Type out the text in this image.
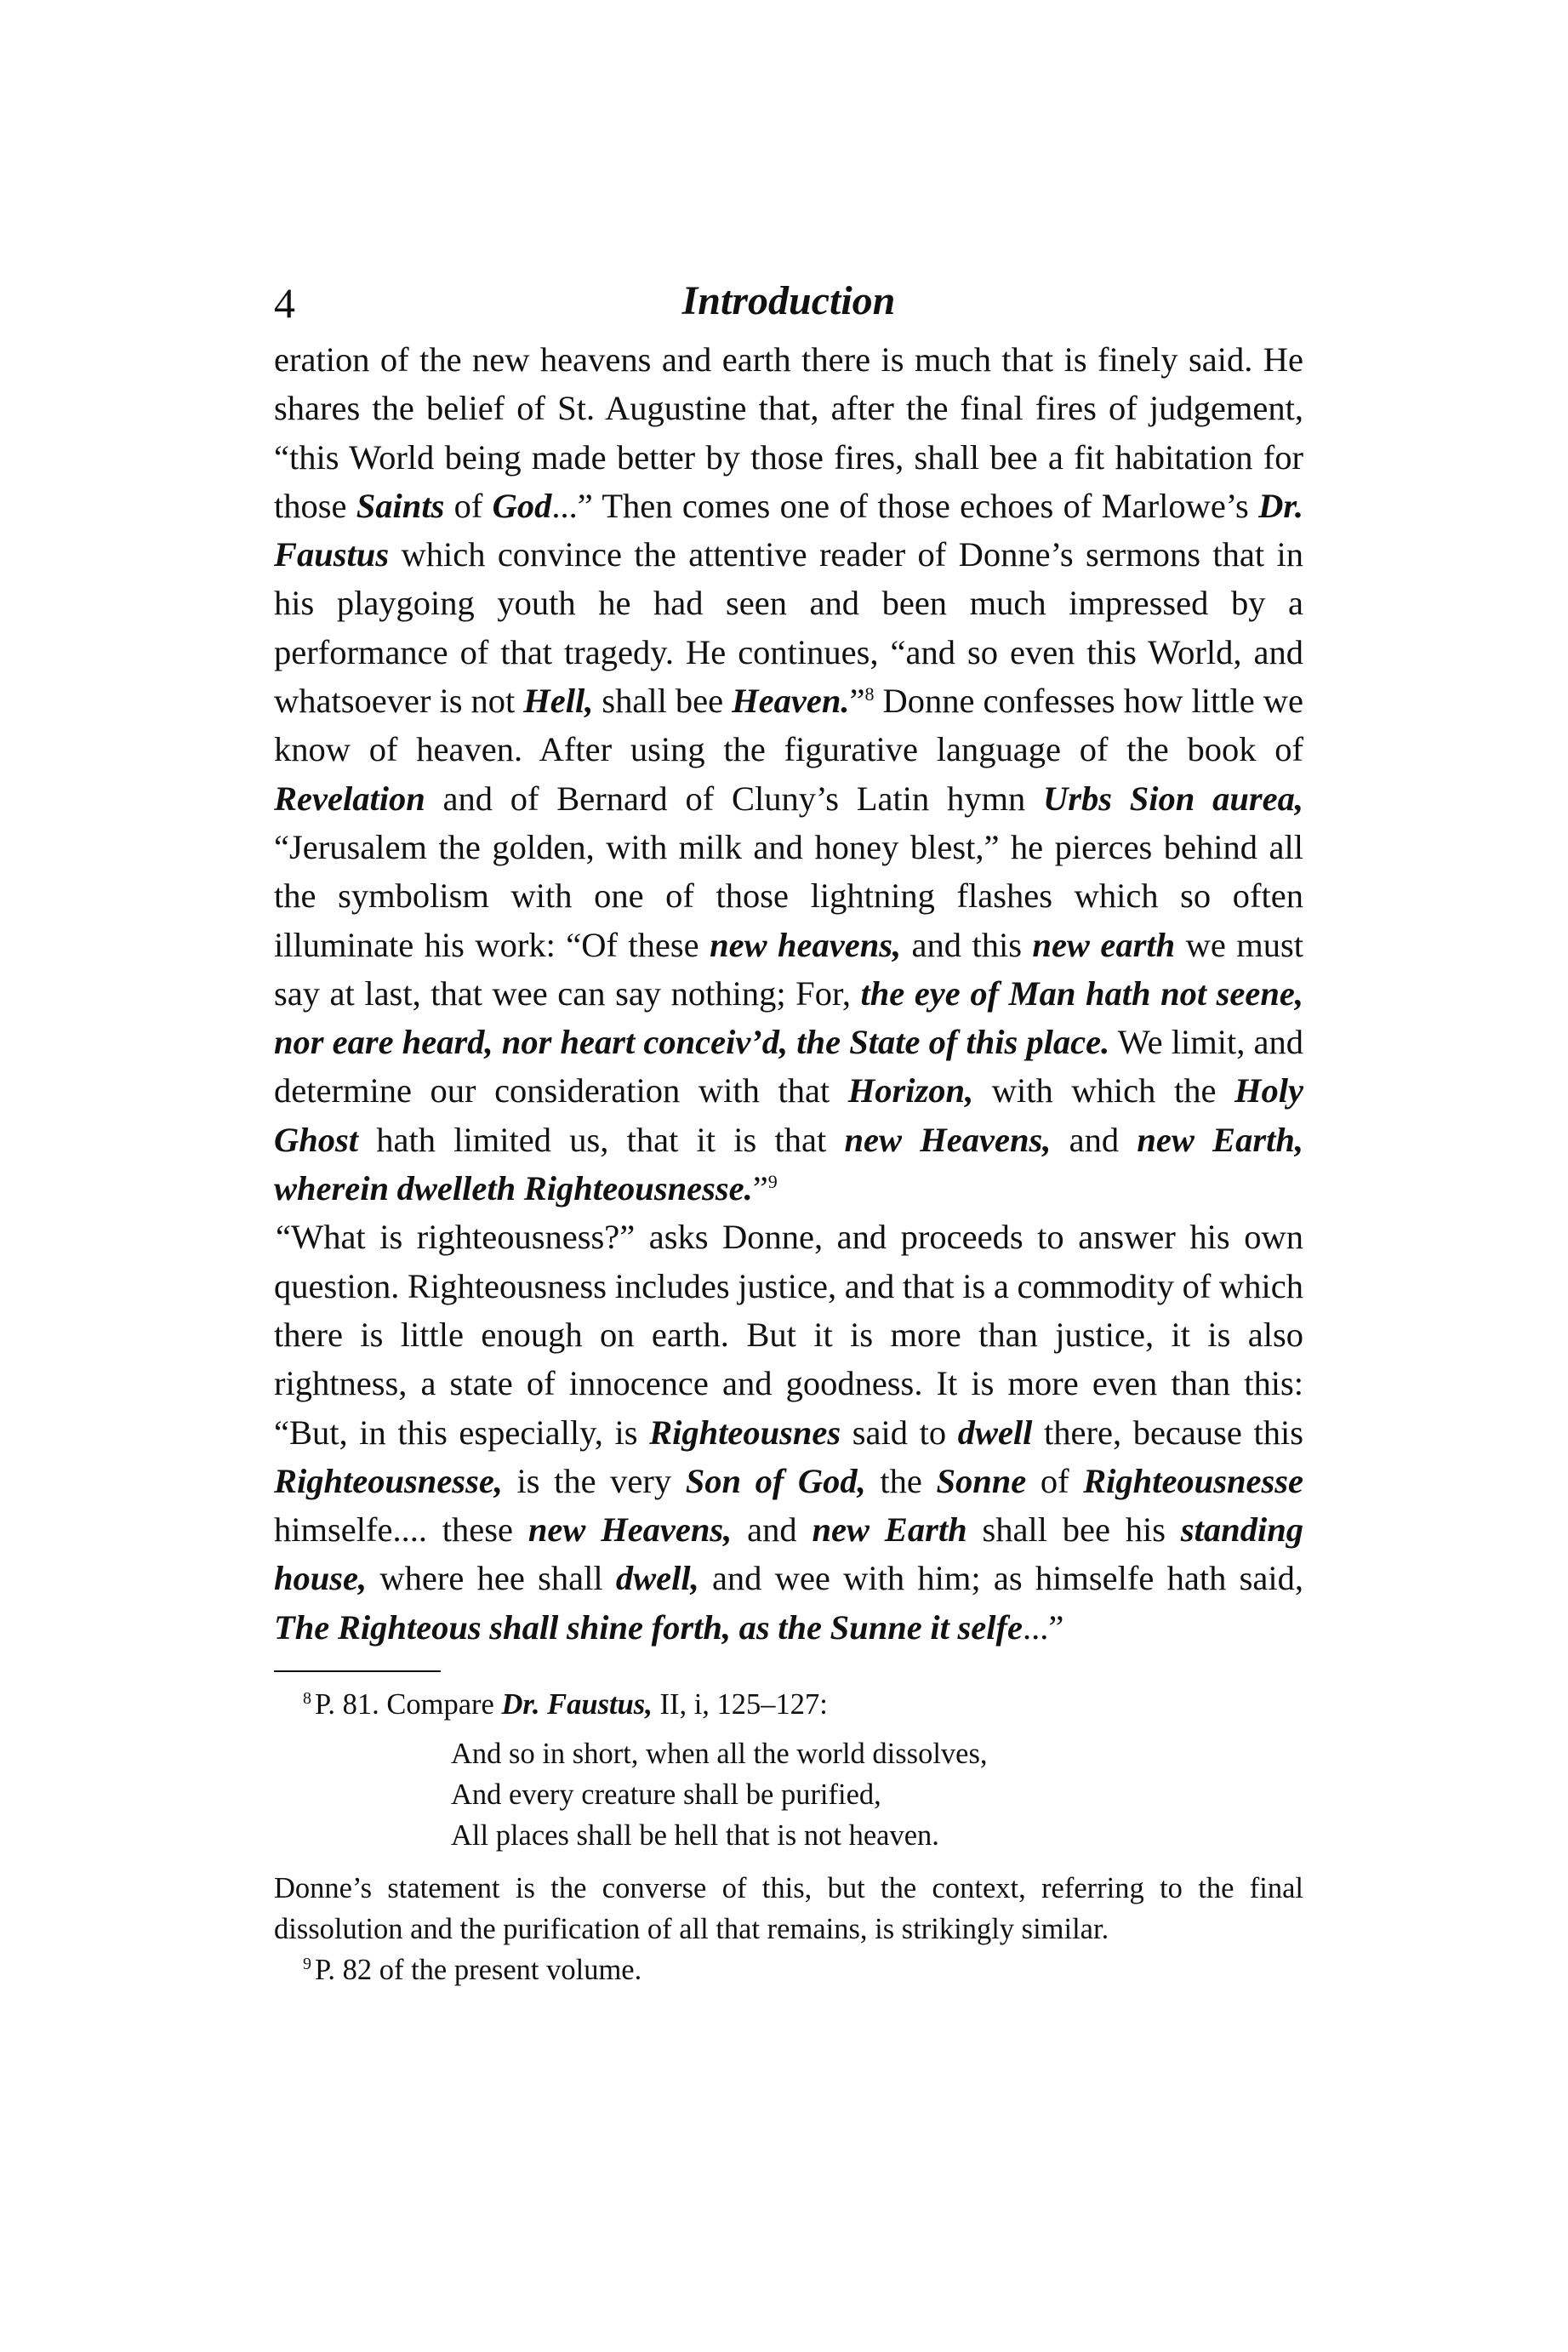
4	Introduction

eration of the new heavens and earth there is much that is finely said. He shares the belief of St. Augustine that, after the final fires of judgement, “this World being made better by those fires, shall bee a fit habitation for those Saints of God...” Then comes one of those echoes of Marlowe’s Dr. Faustus which convince the attentive reader of Donne’s sermons that in his playgoing youth he had seen and been much impressed by a performance of that tragedy. He continues, “and so even this World, and whatsoever is not Hell, shall bee Heaven.”$^8$ Donne confesses how little we know of heaven. After using the figurative language of the book of Revelation and of Bernard of Cluny’s Latin hymn Urbs Sion aurea, “Jerusalem the golden, with milk and honey blest,” he pierces behind all the symbolism with one of those lightning flashes which so often illuminate his work: “Of these new heavens, and this new earth we must say at last, that wee can say nothing; For, the eye of Man hath not seene, nor eare heard, nor heart conceiv’d, the State of this place. We limit, and determine our consideration with that Horizon, with which the Holy Ghost hath limited us, that it is that new Heavens, and new Earth, wherein dwelleth Righteousnesse.”$^9$

“What is righteousness?” asks Donne, and proceeds to answer his own question. Righteousness includes justice, and that is a commodity of which there is little enough on earth. But it is more than justice, it is also rightness, a state of innocence and goodness. It is more even than this: “But, in this especially, is Righteousnes said to dwell there, because this Righteousnesse, is the very Son of God, the Sonne of Righteousnesse himselfe.... these new Heavens, and new Earth shall bee his standing house, where hee shall dwell, and wee with him; as himselfe hath said, The Righteous shall shine forth, as the Sunne it selfe...”

$^8$ P. 81. Compare Dr. Faustus, II, i, 125–127:

And so in short, when all the world dissolves,
And every creature shall be purified,
All places shall be hell that is not heaven.

Donne’s statement is the converse of this, but the context, referring to the final dissolution and the purification of all that remains, is strikingly similar.

$^9$ P. 82 of the present volume.
